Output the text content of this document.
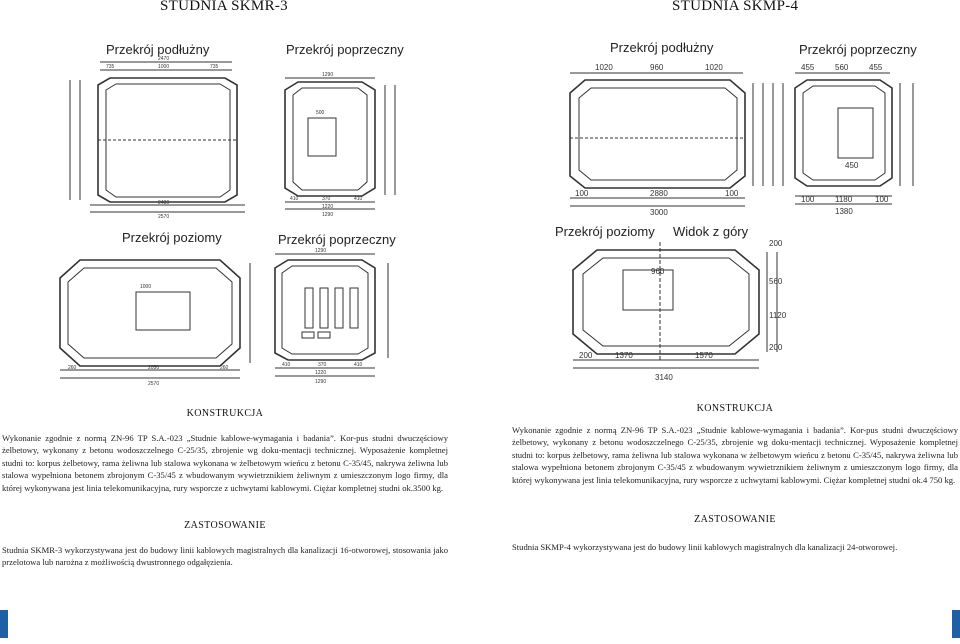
STUDNIA SKMR-3
Przekrój podłużny	Przekrój poprzeczny
2470
735	1000	735
2480
2570
1290
500
410	370	410
1220
1290
Przekrój poziomy	Przekrój poprzeczny
1000
260	2050	260
2570
1290
410	370	410
1220
1290
KONSTRUKCJA
Wykonanie zgodnie z normą ZN-96 TP S.A.-023 „Studnie kablowe-wymagania i badania”. Kor-pus studni dwuczęściowy żelbetowy, wykonany z betonu wodoszczelnego C-25/35, zbrojenie wg doku-mentacji technicznej. Wyposażenie kompletnej studni to: korpus żelbetowy, rama żeliwna lub stalowa wykonana w żelbetowym wieńcu z betonu C-35/45, nakrywa żeliwna lub stalowa wypełniona betonem zbrojonym C-35/45 z wbudowanym wywietrznikiem żeliwnym z umieszczonym logo firmy, dla której wykonywana jest linia telekomunikacyjna, rury wsporcze z uchwytami kablowymi. Ciężar kompletnej studni ok.3500 kg.
ZASTOSOWANIE
Studnia SKMR-3 wykorzystywana jest do budowy linii kablowych magistralnych dla kanalizacji 16-otworowej, stosowania jako przelotowa lub narożna z możliwością dwustronnego odgałęzienia.
STUDNIA SKMP-4
Przekrój podłużny	Przekrój poprzeczny
1020	960	1020
100	2880	100
3000
455	560	455
450
100	1180	100
1380
Przekrój poziomy Widok z góry
960
200
560
1120
200
200	1370	1570
3140
KONSTRUKCJA
Wykonanie zgodnie z normą ZN-96 TP S.A.-023 „Studnie kablowe-wymagania i badania”. Kor-pus studni dwuczęściowy żelbetowy, wykonany z betonu wodoszczelnego C-25/35, zbrojenie wg doku-mentacji technicznej. Wyposażenie kompletnej studni to: korpus żelbetowy, rama żeliwna lub stalowa wykonana w żelbetowym wieńcu z betonu C-35/45, nakrywa żeliwna lub stalowa wypełniona betonem zbrojonym C-35/45 z wbudowanym wywietrznikiem żeliwnym z umieszczonym logo firmy, dla której wykonywana jest linia telekomunikacyjna, rury wsporcze z uchwytami kablowymi. Ciężar kompletnej studni ok.4 750 kg.
ZASTOSOWANIE
Studnia SKMP-4 wykorzystywana jest do budowy linii kablowych magistralnych dla kanalizacji 24-otworowej.
